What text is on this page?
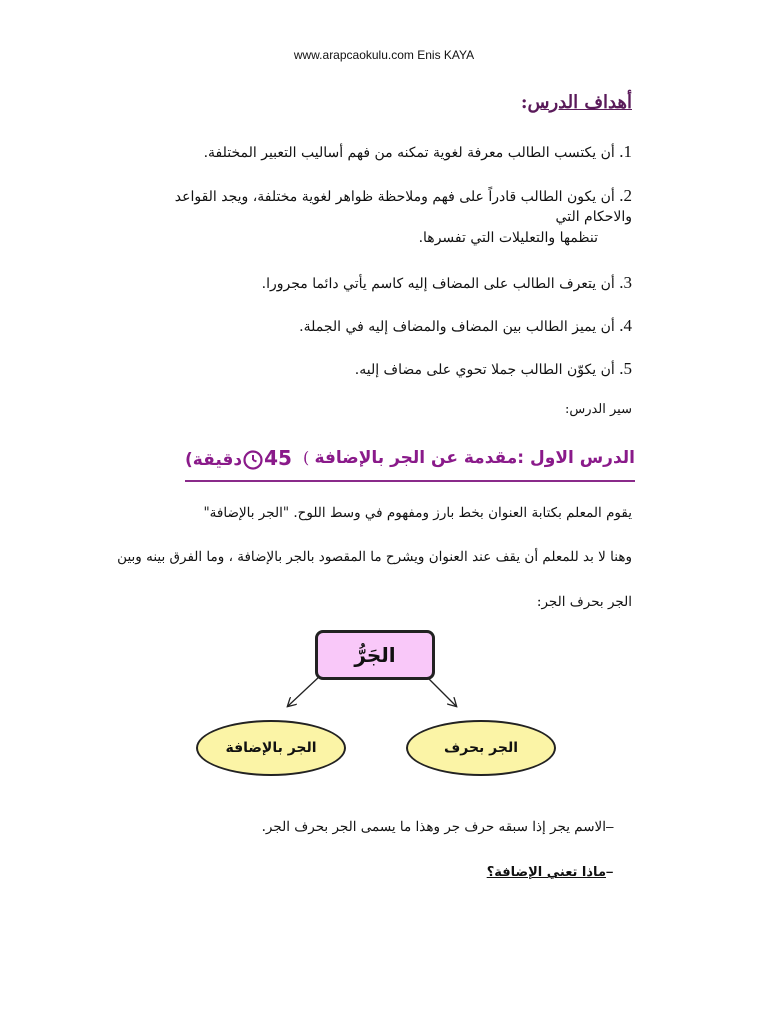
www.arapcaokulu.com Enis KAYA
أهداف الدرس:
1. أن يكتسب الطالب معرفة لغوية تمكنه من فهم أساليب التعبير المختلفة.
2. أن يكون الطالب قادراً على فهم وملاحظة ظواهر لغوية مختلفة، ويجد القواعد والاحكام التي
تنظمها والتعليلات التي تفسرها.
3. أن يتعرف الطالب على المضاف إليه كاسم يأتي دائما مجرورا.
4. أن يميز الطالب بين المضاف والمضاف إليه في الجملة.
5. أن يكوّن الطالب جملا تحوي على مضاف إليه.
سير الدرس:
الدرس الاول :مقدمة عن الجر بالإضافة
(
45دقيقة)
يقوم المعلم بكتابة العنوان بخط بارز ومفهوم في وسط اللوح. "الجر بالإضافة"
وهنا لا بد للمعلم أن يقف عند العنوان ويشرح ما المقصود بالجر بالإضافة ، وما الفرق بينه وبين
الجر بحرف الجر:
الجَرُّ
الجر بالإضافة	الجر بحرف
–الاسم يجر إذا سبقه حرف جر وهذا ما يسمى الجر بحرف الجر.
–ماذا تعني الإضافة؟
